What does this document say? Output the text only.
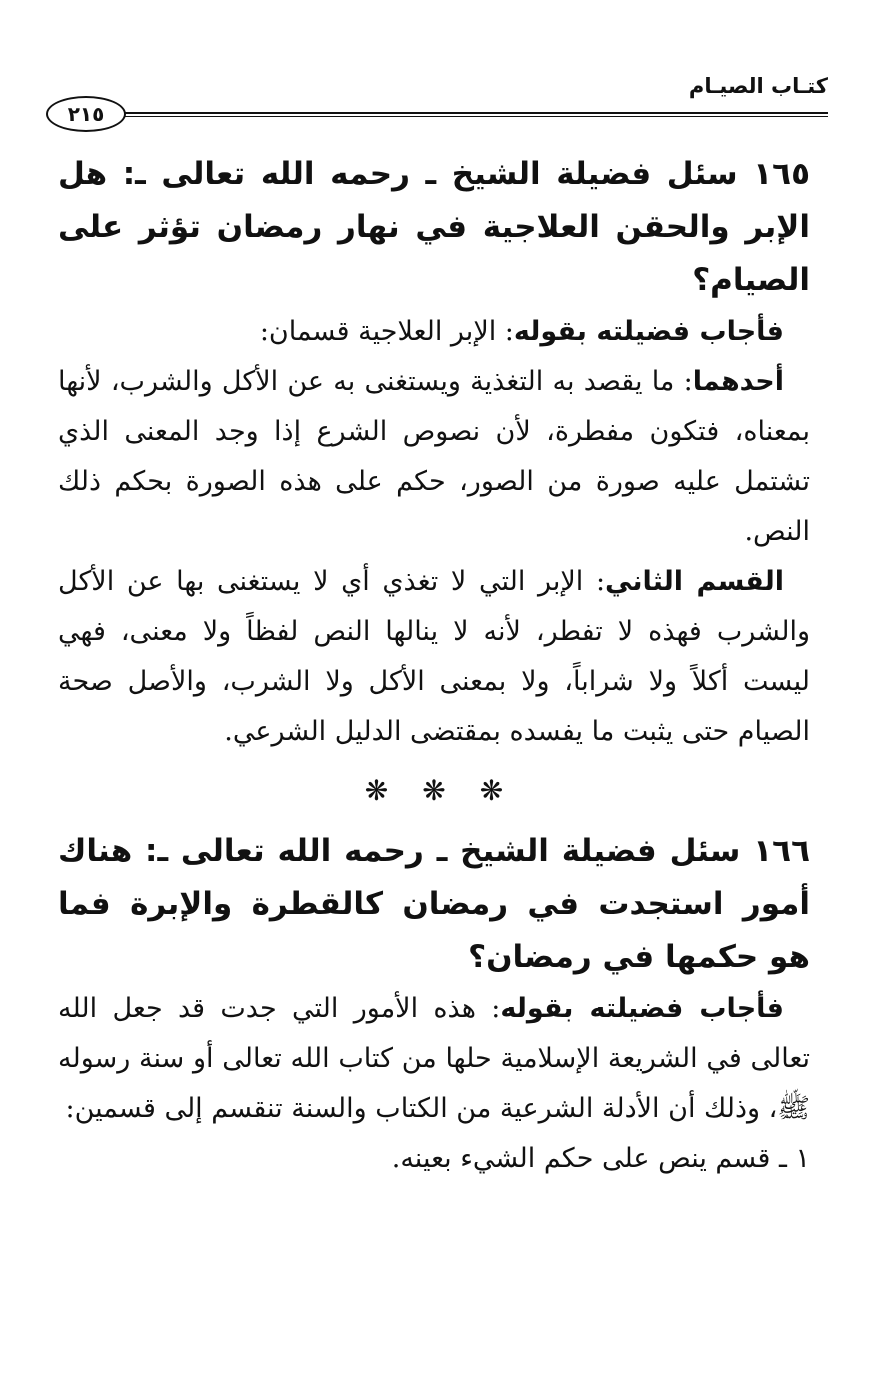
كتـاب الصيـام
٢١٥

١٦٥ سئل فضيلة الشيخ ـ رحمه الله تعالى ـ: هل الإبر والحقن العلاجية في نهار رمضان تؤثر على الصيام؟

فأجاب فضيلته بقوله: الإبر العلاجية قسمان:

أحدهما: ما يقصد به التغذية ويستغنى به عن الأكل والشرب، لأنها بمعناه، فتكون مفطرة، لأن نصوص الشرع إذا وجد المعنى الذي تشتمل عليه صورة من الصور، حكم على هذه الصورة بحكم ذلك النص.

القسم الثاني: الإبر التي لا تغذي أي لا يستغنى بها عن الأكل والشرب فهذه لا تفطر، لأنه لا ينالها النص لفظاً ولا معنى، فهي ليست أكلاً ولا شراباً، ولا بمعنى الأكل ولا الشرب، والأصل صحة الصيام حتى يثبت ما يفسده بمقتضى الدليل الشرعي.

❋❋❋

١٦٦ سئل فضيلة الشيخ ـ رحمه الله تعالى ـ: هناك أمور استجدت في رمضان كالقطرة والإبرة فما هو حكمها في رمضان؟

فأجاب فضيلته بقوله: هذه الأمور التي جدت قد جعل الله تعالى في الشريعة الإسلامية حلها من كتاب الله تعالى أو سنة رسوله ﷺ، وذلك أن الأدلة الشرعية من الكتاب والسنة تنقسم إلى قسمين:

١ ـ قسم ينص على حكم الشيء بعينه.
